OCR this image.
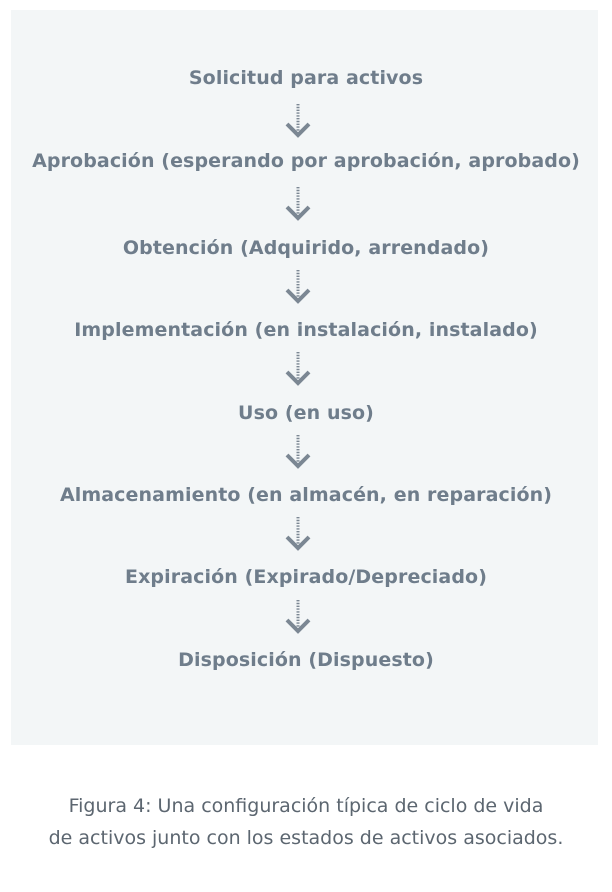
Solicitud para activos
Aprobación (esperando por aprobación, aprobado)
Obtención (Adquirido, arrendado)
Implementación (en instalación, instalado)
Uso (en uso)
Almacenamiento (en almacén, en reparación)
Expiración (Expirado/Depreciado)
Disposición (Dispuesto)
Figura 4: Una configuración típica de ciclo de vida
de activos junto con los estados de activos asociados.
